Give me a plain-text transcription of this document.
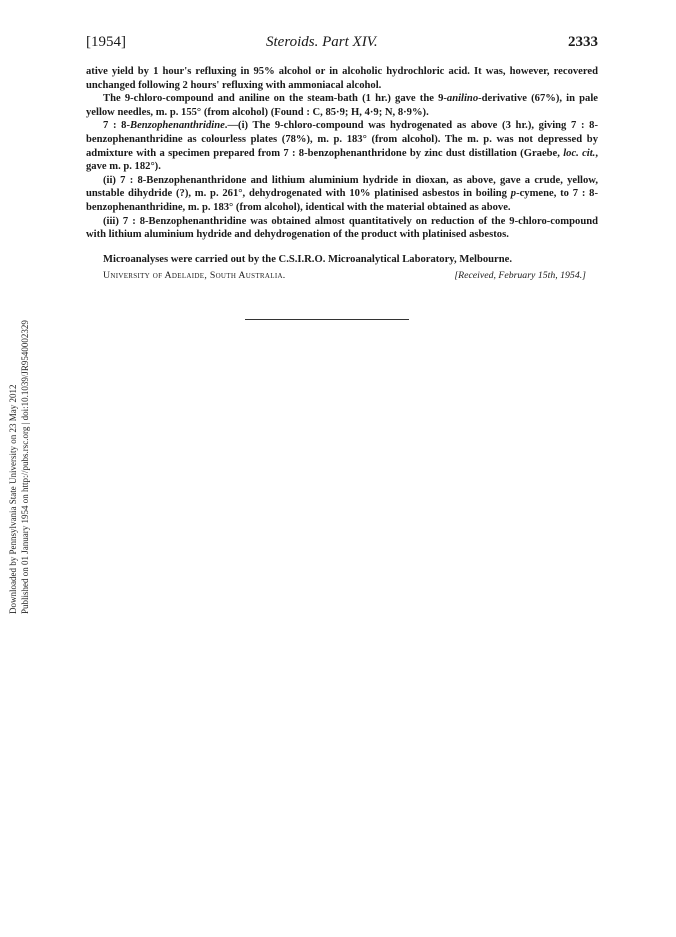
Downloaded by Pennsylvania State University on 23 May 2012 Published on 01 January 1954 on http://pubs.rsc.org | doi:10.1039/JR9540002329
[1954]	Steroids. Part XIV.	2333

ative yield by 1 hour's refluxing in 95% alcohol or in alcoholic hydrochloric acid. It was, however, recovered unchanged following 2 hours' refluxing with ammoniacal alcohol.

The 9-chloro-compound and aniline on the steam-bath (1 hr.) gave the 9-anilino-derivative (67%), in pale yellow needles, m. p. 155° (from alcohol) (Found : C, 85·9; H, 4·9; N, 8·9%).

7 : 8-Benzophenanthridine.—(i) The 9-chloro-compound was hydrogenated as above (3 hr.), giving 7 : 8-benzophenanthridine as colourless plates (78%), m. p. 183° (from alcohol). The m. p. was not depressed by admixture with a specimen prepared from 7 : 8-benzophenanthridone by zinc dust distillation (Graebe, loc. cit., gave m. p. 182°).

(ii) 7 : 8-Benzophenanthridone and lithium aluminium hydride in dioxan, as above, gave a crude, yellow, unstable dihydride (?), m. p. 261°, dehydrogenated with 10% platinised asbestos in boiling p-cymene, to 7 : 8-benzophenanthridine, m. p. 183° (from alcohol), identical with the material obtained as above.

(iii) 7 : 8-Benzophenanthridine was obtained almost quantitatively on reduction of the 9-chloro-compound with lithium aluminium hydride and dehydrogenation of the product with platinised asbestos.

Microanalyses were carried out by the C.S.I.R.O. Microanalytical Laboratory, Melbourne.

University of Adelaide, South Australia.	[Received, February 15th, 1954.]
